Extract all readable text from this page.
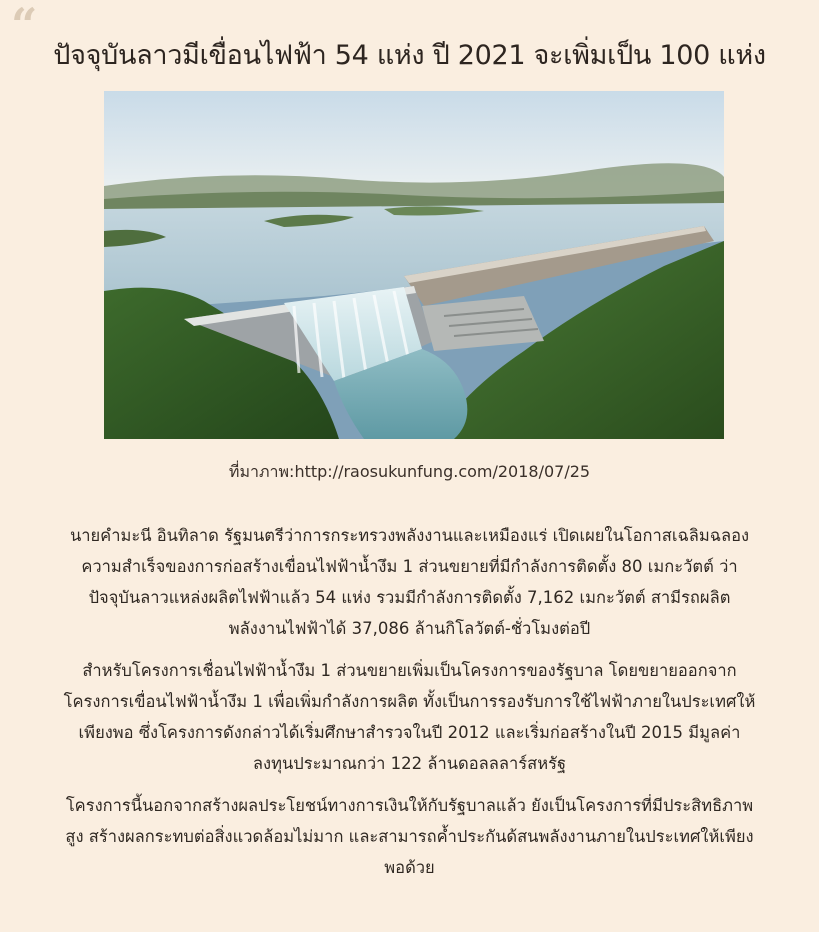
“
ปัจจุบันลาวมีเขื่อนไฟฟ้า 54 แห่ง ปี 2021 จะเพิ่มเป็น 100 แห่ง
ที่มาภาพ:http://raosukunfung.com/2018/07/25

นายคำมะนี อินทิลาด รัฐมนตรีว่าการกระทรวงพลังงานและเหมืองแร่ เปิดเผยในโอกาสเฉลิมฉลองความสำเร็จของการก่อสร้างเขื่อนไฟฟ้าน้ำงึม 1 ส่วนขยายที่มีกำลังการติดตั้ง 80 เมกะวัตต์ ว่า ปัจจุบันลาวแหล่งผลิตไฟฟ้าแล้ว 54 แห่ง รวมมีกำลังการติดตั้ง 7,162 เมกะวัตต์ สามีรถผลิตพลังงานไฟฟ้าได้ 37,086 ล้านกิโลวัตต์-ชั่วโมงต่อปี

สำหรับโครงการเชื่อนไฟฟ้าน้ำงึม 1 ส่วนขยายเพิ่มเป็นโครงการของรัฐบาล โดยขยายออกจากโครงการเขื่อนไฟฟ้าน้ำงึม 1 เพื่อเพิ่มกำลังการผลิต ทั้งเป็นการรองรับการใช้ไฟฟ้าภายในประเทศให้เพียงพอ ซึ่งโครงการดังกล่าวได้เริ่มศึกษาสำรวจในปี 2012 และเริ่มก่อสร้างในปี 2015 มีมูลค่าลงทุนประมาณกว่า 122 ล้านดอลลลาร์สหรัฐ

โครงการนี้นอกจากสร้างผลประโยชน์ทางการเงินให้กับรัฐบาลแล้ว ยังเป็นโครงการที่มีประสิทธิภาพสูง สร้างผลกระทบต่อสิ่งแวดล้อมไม่มาก และสามารถค้ำประกันด้สนพลังงานภายในประเทศให้เพียงพอด้วย
